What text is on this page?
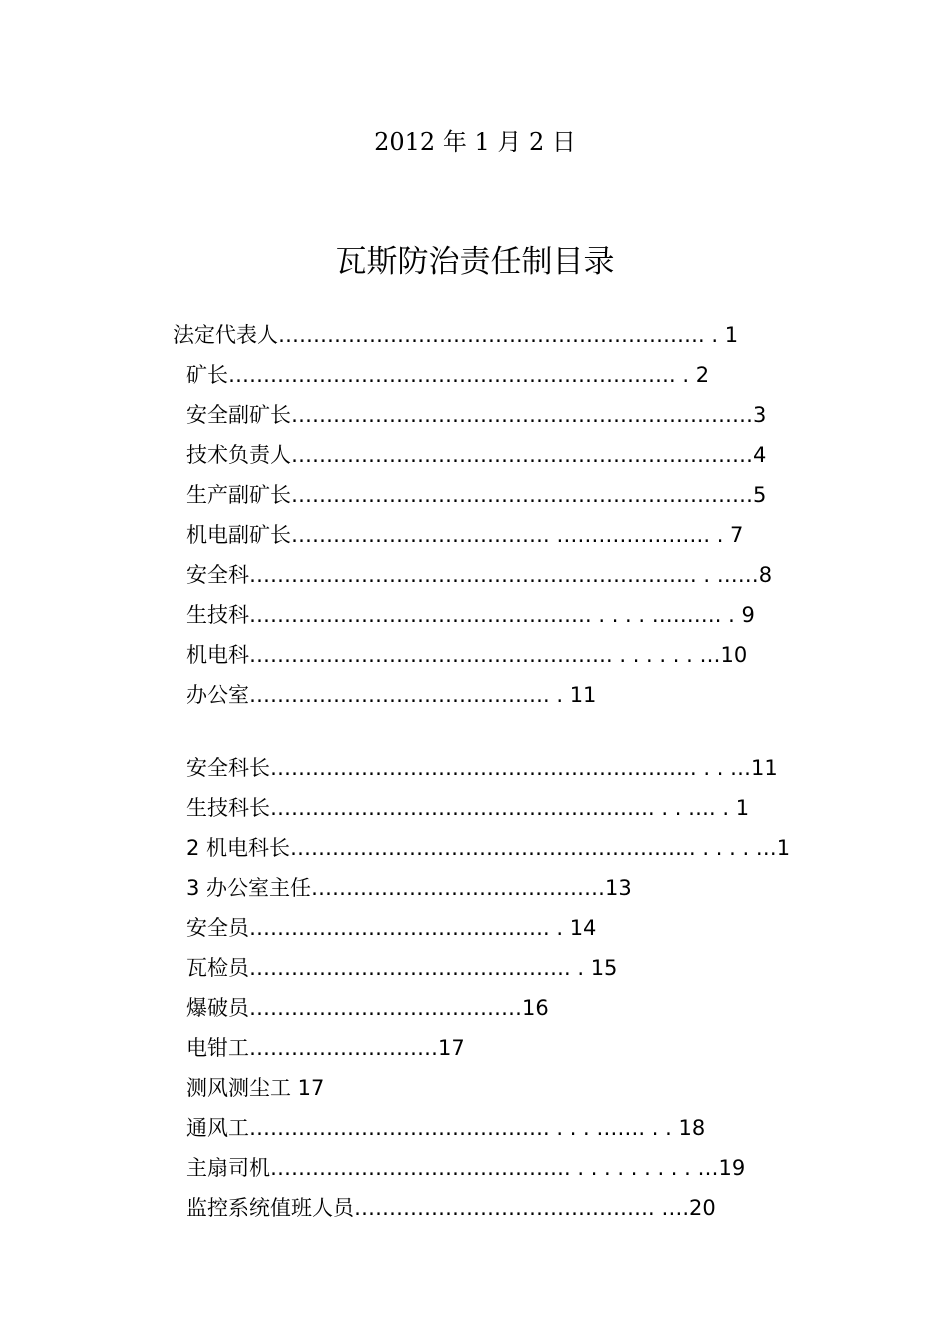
2012 年 1 月 2 日
瓦斯防治责任制目录
法定代表人……………………………………………………. . 1
矿长………………………………………………………. . 2
安全副矿长…………………………………………………………3
技术负责人…………………………………………………………4
生产副矿长…………………………………………………………5
机电副矿长………………………………. …………………. . 7
安全科………………………………………………………. . ……8
生技科…………………………………………. . . . . ………. . 9
机电科……………………………………………. . . . . . . …10
办公室……………………………………. . 11
安全科长……………………………………………………. . . …11
生技科长………………………………………………. . . …. . 1
2 机电科长…………………………………………………. . . . . …1
3 办公室主任……………………………………13
安全员……………………………………. . 14
瓦检员………………………………………. . 15
爆破员…………………………………16
电钳工………………………17
测风测尘工 17
通风工……………………………………. . . . ……. . . 18
主扇司机……………………………………. . . . . . . . . . …19
监控系统值班人员……………………………………. ….20
